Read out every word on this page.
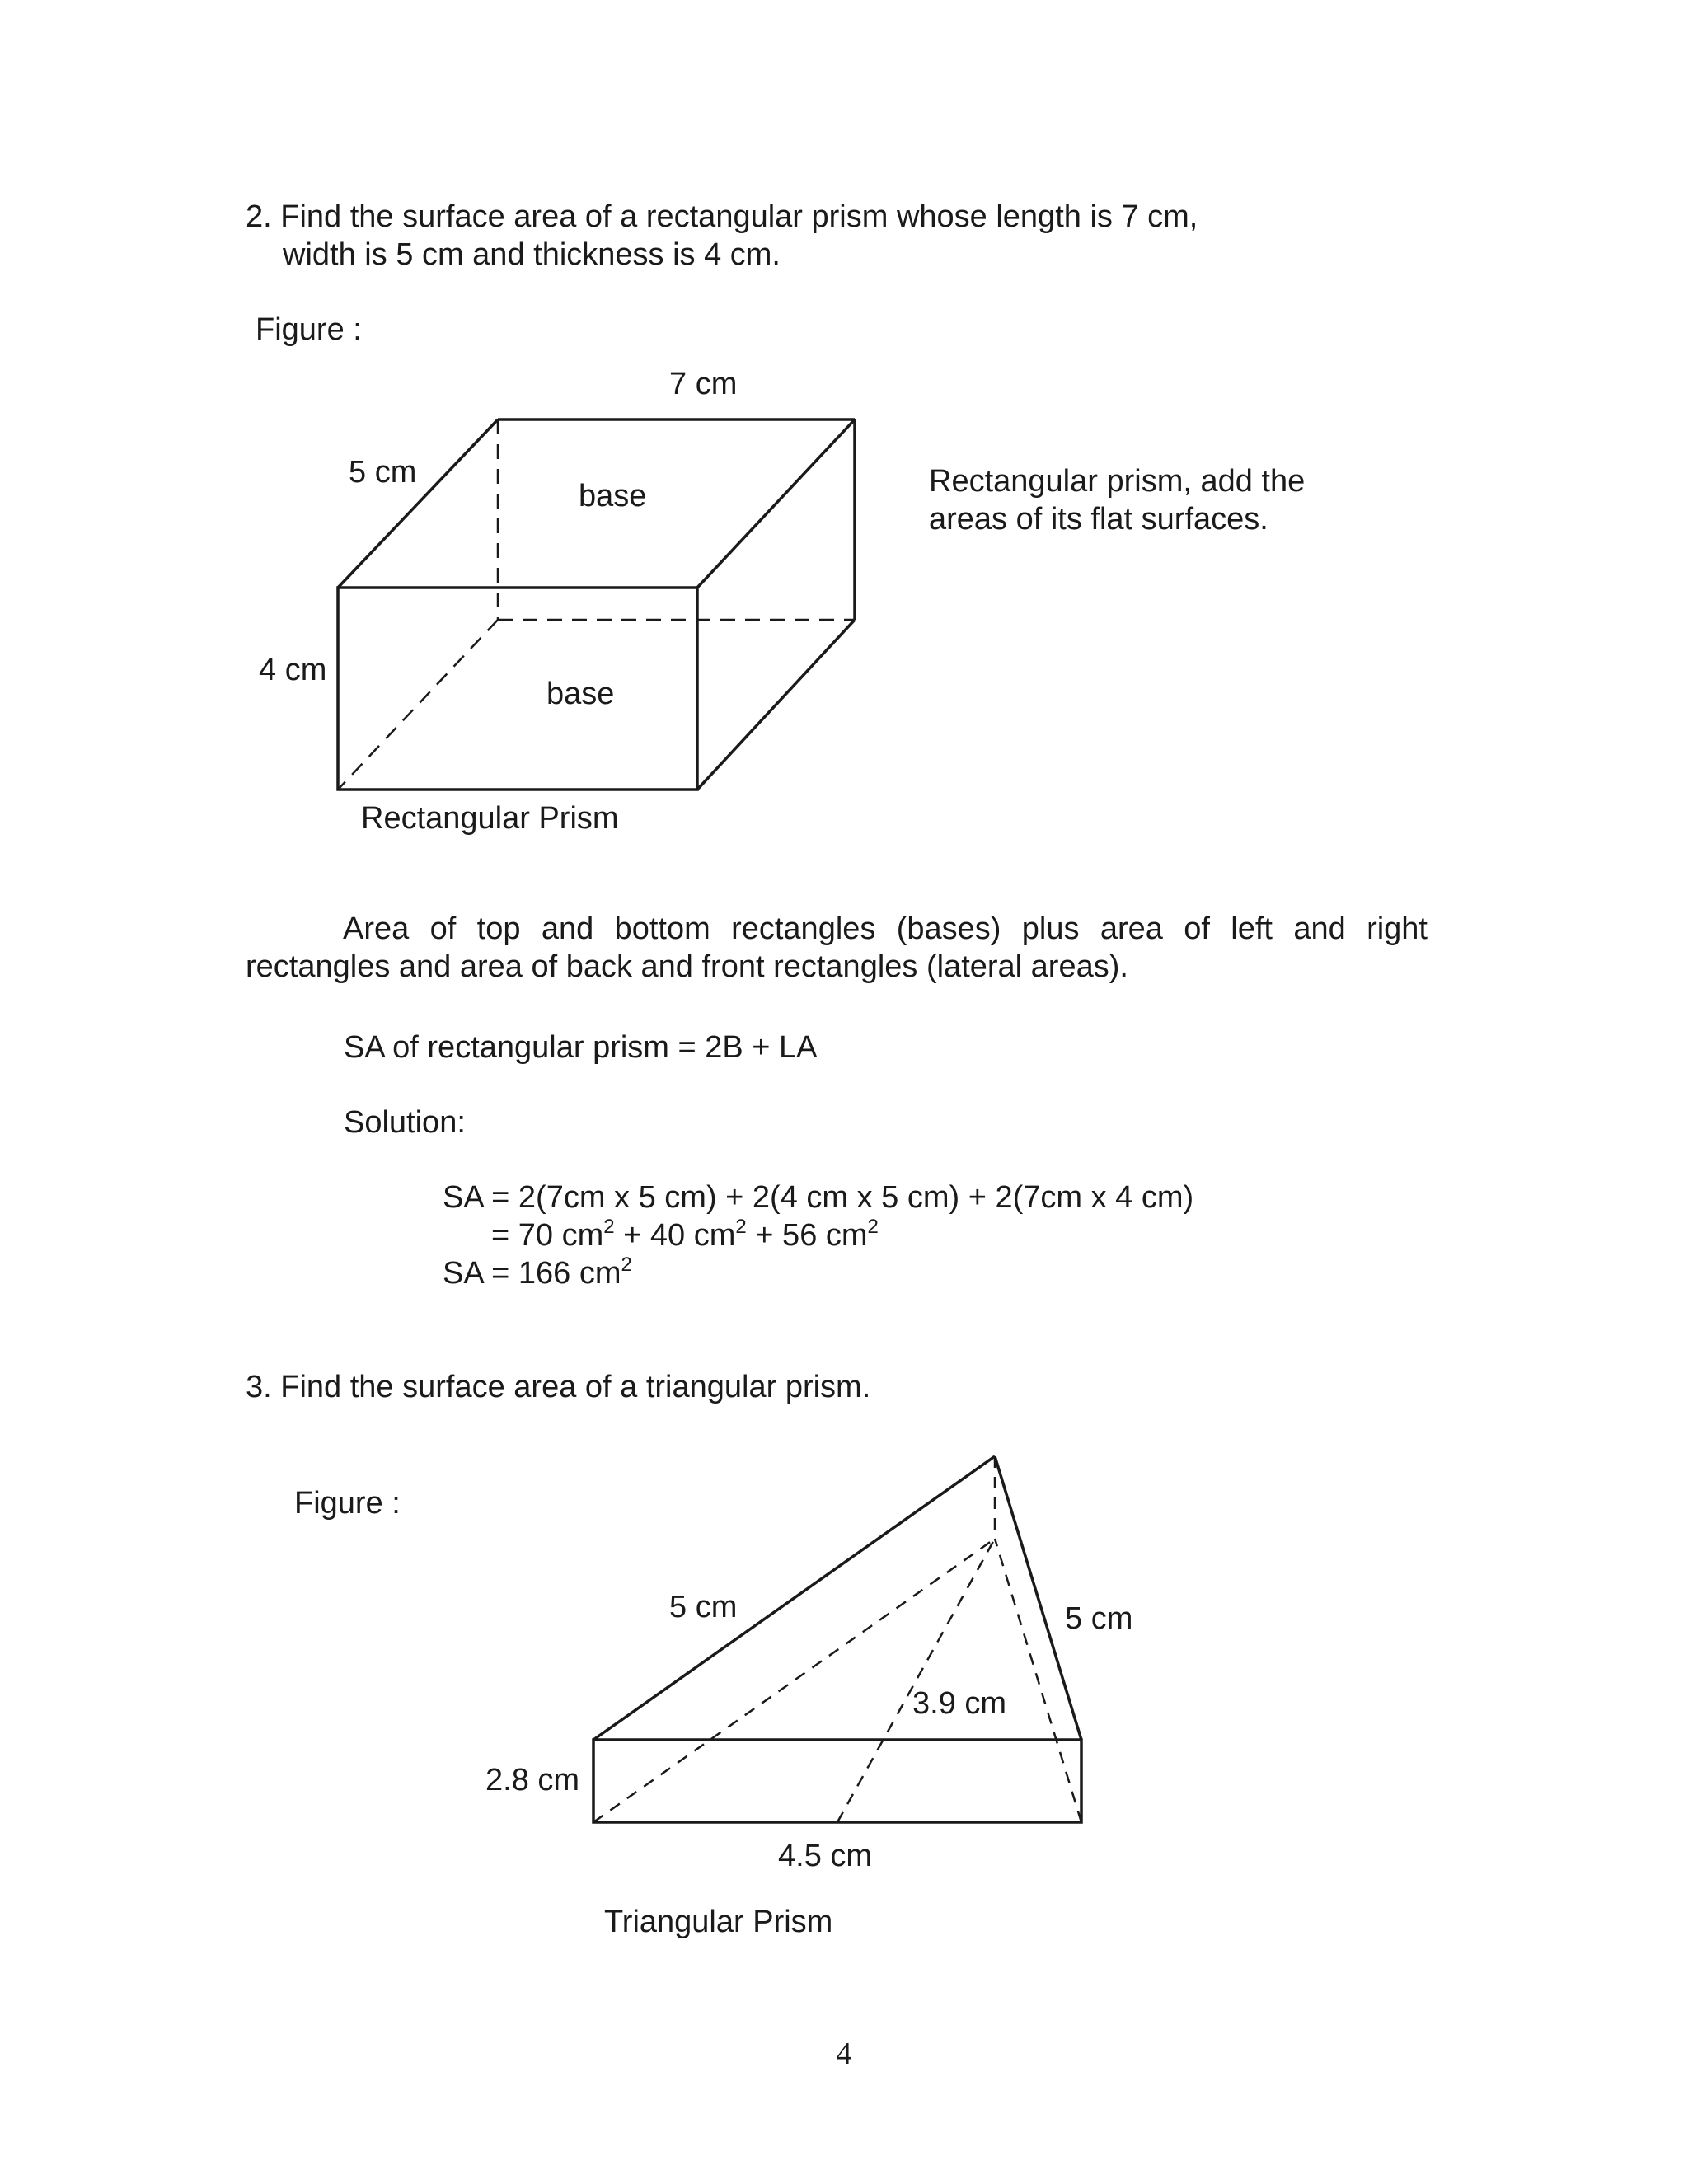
2. Find the surface area of a rectangular prism whose length is 7 cm,

width is 5 cm and thickness is 4 cm.

Figure :

7 cm
5 cm
base
4 cm
base
Rectangular Prism

Rectangular prism, add the

areas of its flat surfaces.

Area of top and bottom rectangles (bases) plus area of left and right rectangles and area of back and front rectangles (lateral areas).

SA of rectangular prism = 2B + LA

Solution:

SA = 2(7cm x 5 cm) + 2(4 cm x 5 cm) + 2(7cm x 4 cm)

= 70 $cm^2 + 40$ $cm^2 + 56$ $cm^2$

SA = 166 $cm^2$

3. Find the surface area of a triangular prism.

Figure :

5 cm	5 cm
3.9 cm
2.8 cm
4.5 cm
Triangular Prism
4
